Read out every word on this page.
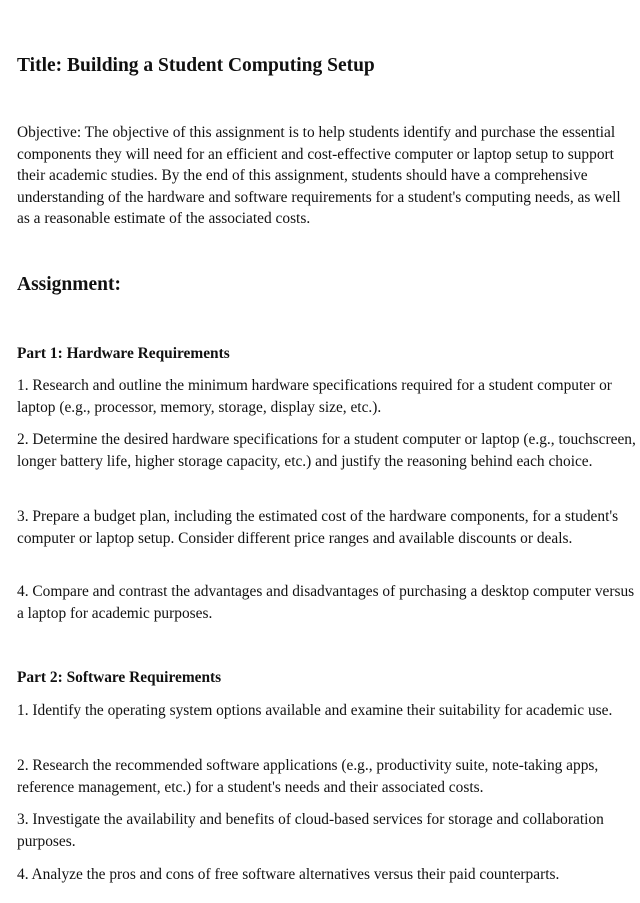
Title: Building a Student Computing Setup

Objective: The objective of this assignment is to help students identify and purchase the essential components they will need for an efficient and cost-effective computer or laptop setup to support their academic studies. By the end of this assignment, students should have a comprehensive understanding of the hardware and software requirements for a student's computing needs, as well as a reasonable estimate of the associated costs.

Assignment:
Part 1: Hardware Requirements

1. Research and outline the minimum hardware specifications required for a student computer or laptop (e.g., processor, memory, storage, display size, etc.).

2. Determine the desired hardware specifications for a student computer or laptop (e.g., touchscreen, longer battery life, higher storage capacity, etc.) and justify the reasoning behind each choice.

3. Prepare a budget plan, including the estimated cost of the hardware components, for a student's computer or laptop setup. Consider different price ranges and available discounts or deals.

4. Compare and contrast the advantages and disadvantages of purchasing a desktop computer versus a laptop for academic purposes.

Part 2: Software Requirements

1. Identify the operating system options available and examine their suitability for academic use.

2. Research the recommended software applications (e.g., productivity suite, note-taking apps, reference management, etc.) for a student's needs and their associated costs.

3. Investigate the availability and benefits of cloud-based services for storage and collaboration purposes.

4. Analyze the pros and cons of free software alternatives versus their paid counterparts.
